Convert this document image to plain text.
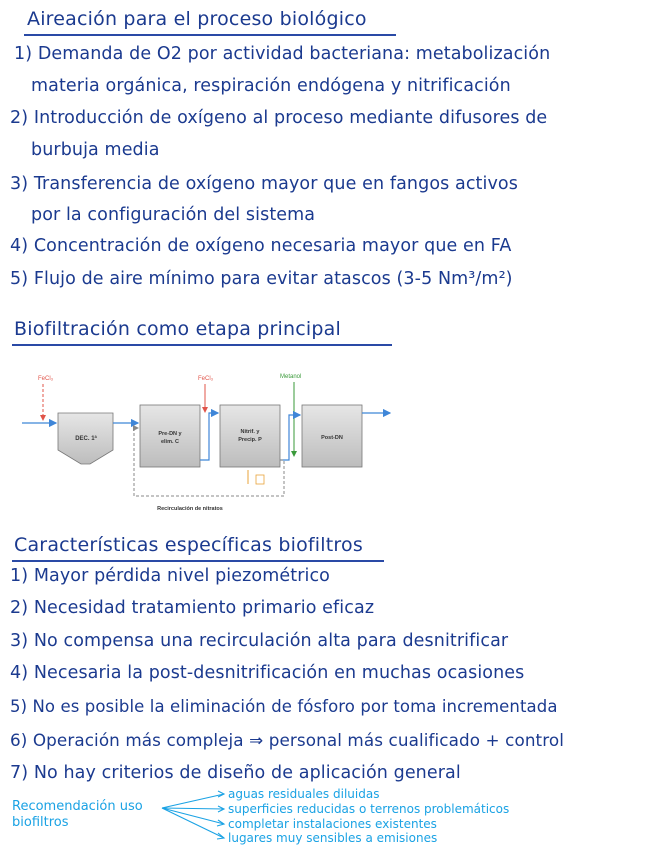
Aireación para el proceso biológico
1) Demanda de O2 por actividad bacteriana: metabolización
materia orgánica, respiración endógena y nitrificación
2) Introducción de oxígeno al proceso mediante difusores de
burbuja media
3) Transferencia de oxígeno mayor que en fangos activos
por la configuración del sistema
4) Concentración de oxígeno necesaria mayor que en FA
5) Flujo de aire mínimo para evitar atascos (3-5 Nm³/m²)
Biofiltración como etapa principal
FeCl₃
DEC. 1ª
Pre-DN y
elim. C
FeCl₃
Nitrif. y
Precip. P
Metanol
Post-DN
Recirculación de nitratos
Características específicas biofiltros
1) Mayor pérdida nivel piezométrico
2) Necesidad tratamiento primario eficaz
3) No compensa una recirculación alta para desnitrificar
4) Necesaria la post-desnitrificación en muchas ocasiones
5) No es posible la eliminación de fósforo por toma incrementada
6) Operación más compleja ⇒ personal más cualificado + control
7) No hay criterios de diseño de aplicación general
Recomendación uso
biofiltros
aguas residuales diluidas
superficies reducidas o terrenos problemáticos
completar instalaciones existentes
lugares muy sensibles a emisiones
